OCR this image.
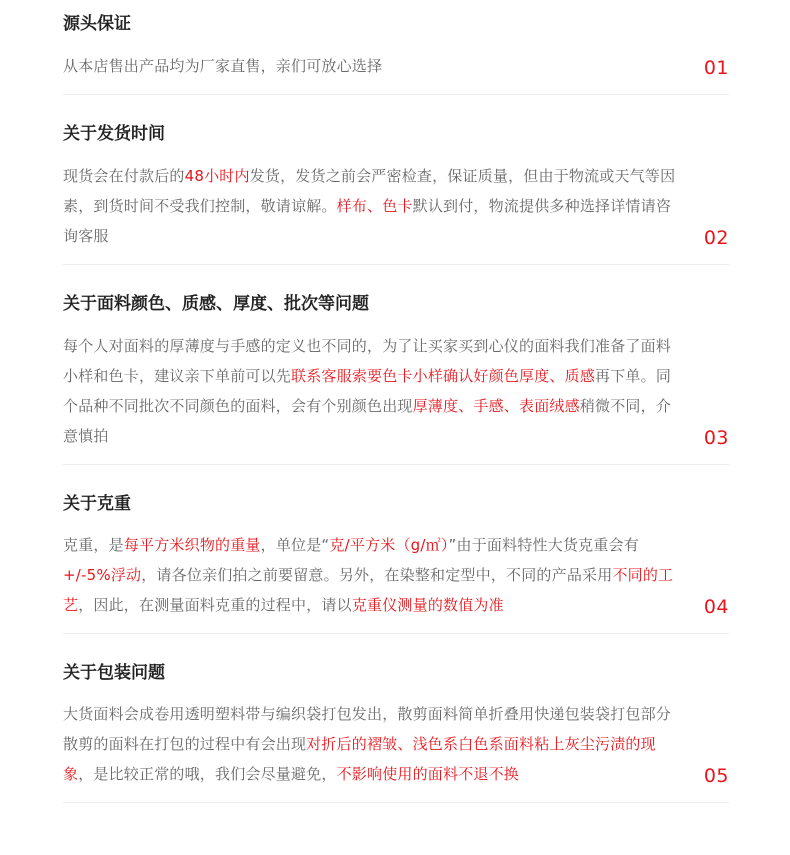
源头保证
从本店售出产品均为厂家直售，亲们可放心选择	01
关于发货时间
现货会在付款后的48小时内发货，发货之前会严密检查，保证质量，但由于物流或天气等因素，到货时间不受我们控制，敬请谅解。样布、色卡默认到付，物流提供多种选择详情请咨询客服	02
关于面料颜色、质感、厚度、批次等问题
每个人对面料的厚薄度与手感的定义也不同的，为了让买家买到心仪的面料我们准备了面料小样和色卡，建议亲下单前可以先联系客服索要色卡小样确认好颜色厚度、质感再下单。同个品种不同批次不同颜色的面料，会有个别颜色出现厚薄度、手感、表面绒感稍微不同，介意慎拍	03
关于克重
克重，是每平方米织物的重量，单位是“克/平方米（g/㎡）”由于面料特性大货克重会有+/-5%浮动，请各位亲们拍之前要留意。另外，在染整和定型中，不同的产品采用不同的工艺，因此，在测量面料克重的过程中，请以克重仪测量的数值为准	04
关于包装问题
大货面料会成卷用透明塑料带与编织袋打包发出，散剪面料简单折叠用快递包装袋打包部分散剪的面料在打包的过程中有会出现对折后的褶皱、浅色系白色系面料粘上灰尘污渍的现象，是比较正常的哦，我们会尽量避免，不影响使用的面料不退不换	05
